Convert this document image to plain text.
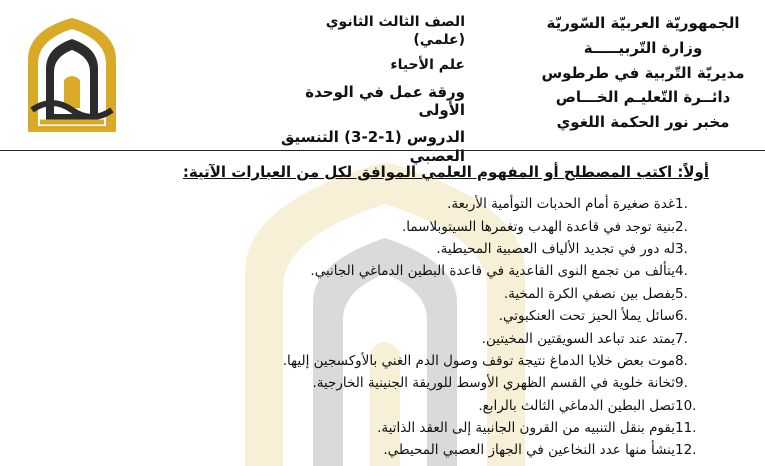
الجمهوريّة العربيّة السّوريّة
وزارة التّربيـــــة
مديريّة التّربية في طرطوس
دائــرة التّعليـم الخـــاص
مخبر نور الحكمة اللغوي
الصف الثالث الثانوي (علمي)
علم الأحياء
ورقة عمل في الوحدة الأولى
الدروس (1-2-3) التنسيق العصبي
أولاً: اكتب المصطلح أو المفهوم العلمي الموافق لكل من العبارات الآتية:
1.
غدة صغيرة أمام الحدبات التوأمية الأربعة.
2.
بنية توجد في قاعدة الهدب وتغمرها السيتوبلاسما.
3.
له دور في تجديد الألياف العصبية المحيطية.
4.
يتألف من تجمع النوى القاعدية في قاعدة البطين الدماغي الجانبي.
5.
يفصل بين نصفي الكرة المخية.
6.
سائل يملأ الحيز تحت العنكبوتي.
7.
يمتد عند تباعد السويقتين المخيتين.
8.
موت بعض خلايا الدماغ نتيجة توقف وصول الدم الغني بالأوكسجين إليها.
9.
ثخانة خلوية في القسم الظهري الأوسط للوريقة الجنينية الخارجية.
10.
تصل البطين الدماغي الثالث بالرابع.
11.
يقوم بنقل التنبيه من القرون الجانبية إلى العقد الذاتية.
12.
ينشأ منها عدد النخاعين في الجهاز العصبي المحيطي.
